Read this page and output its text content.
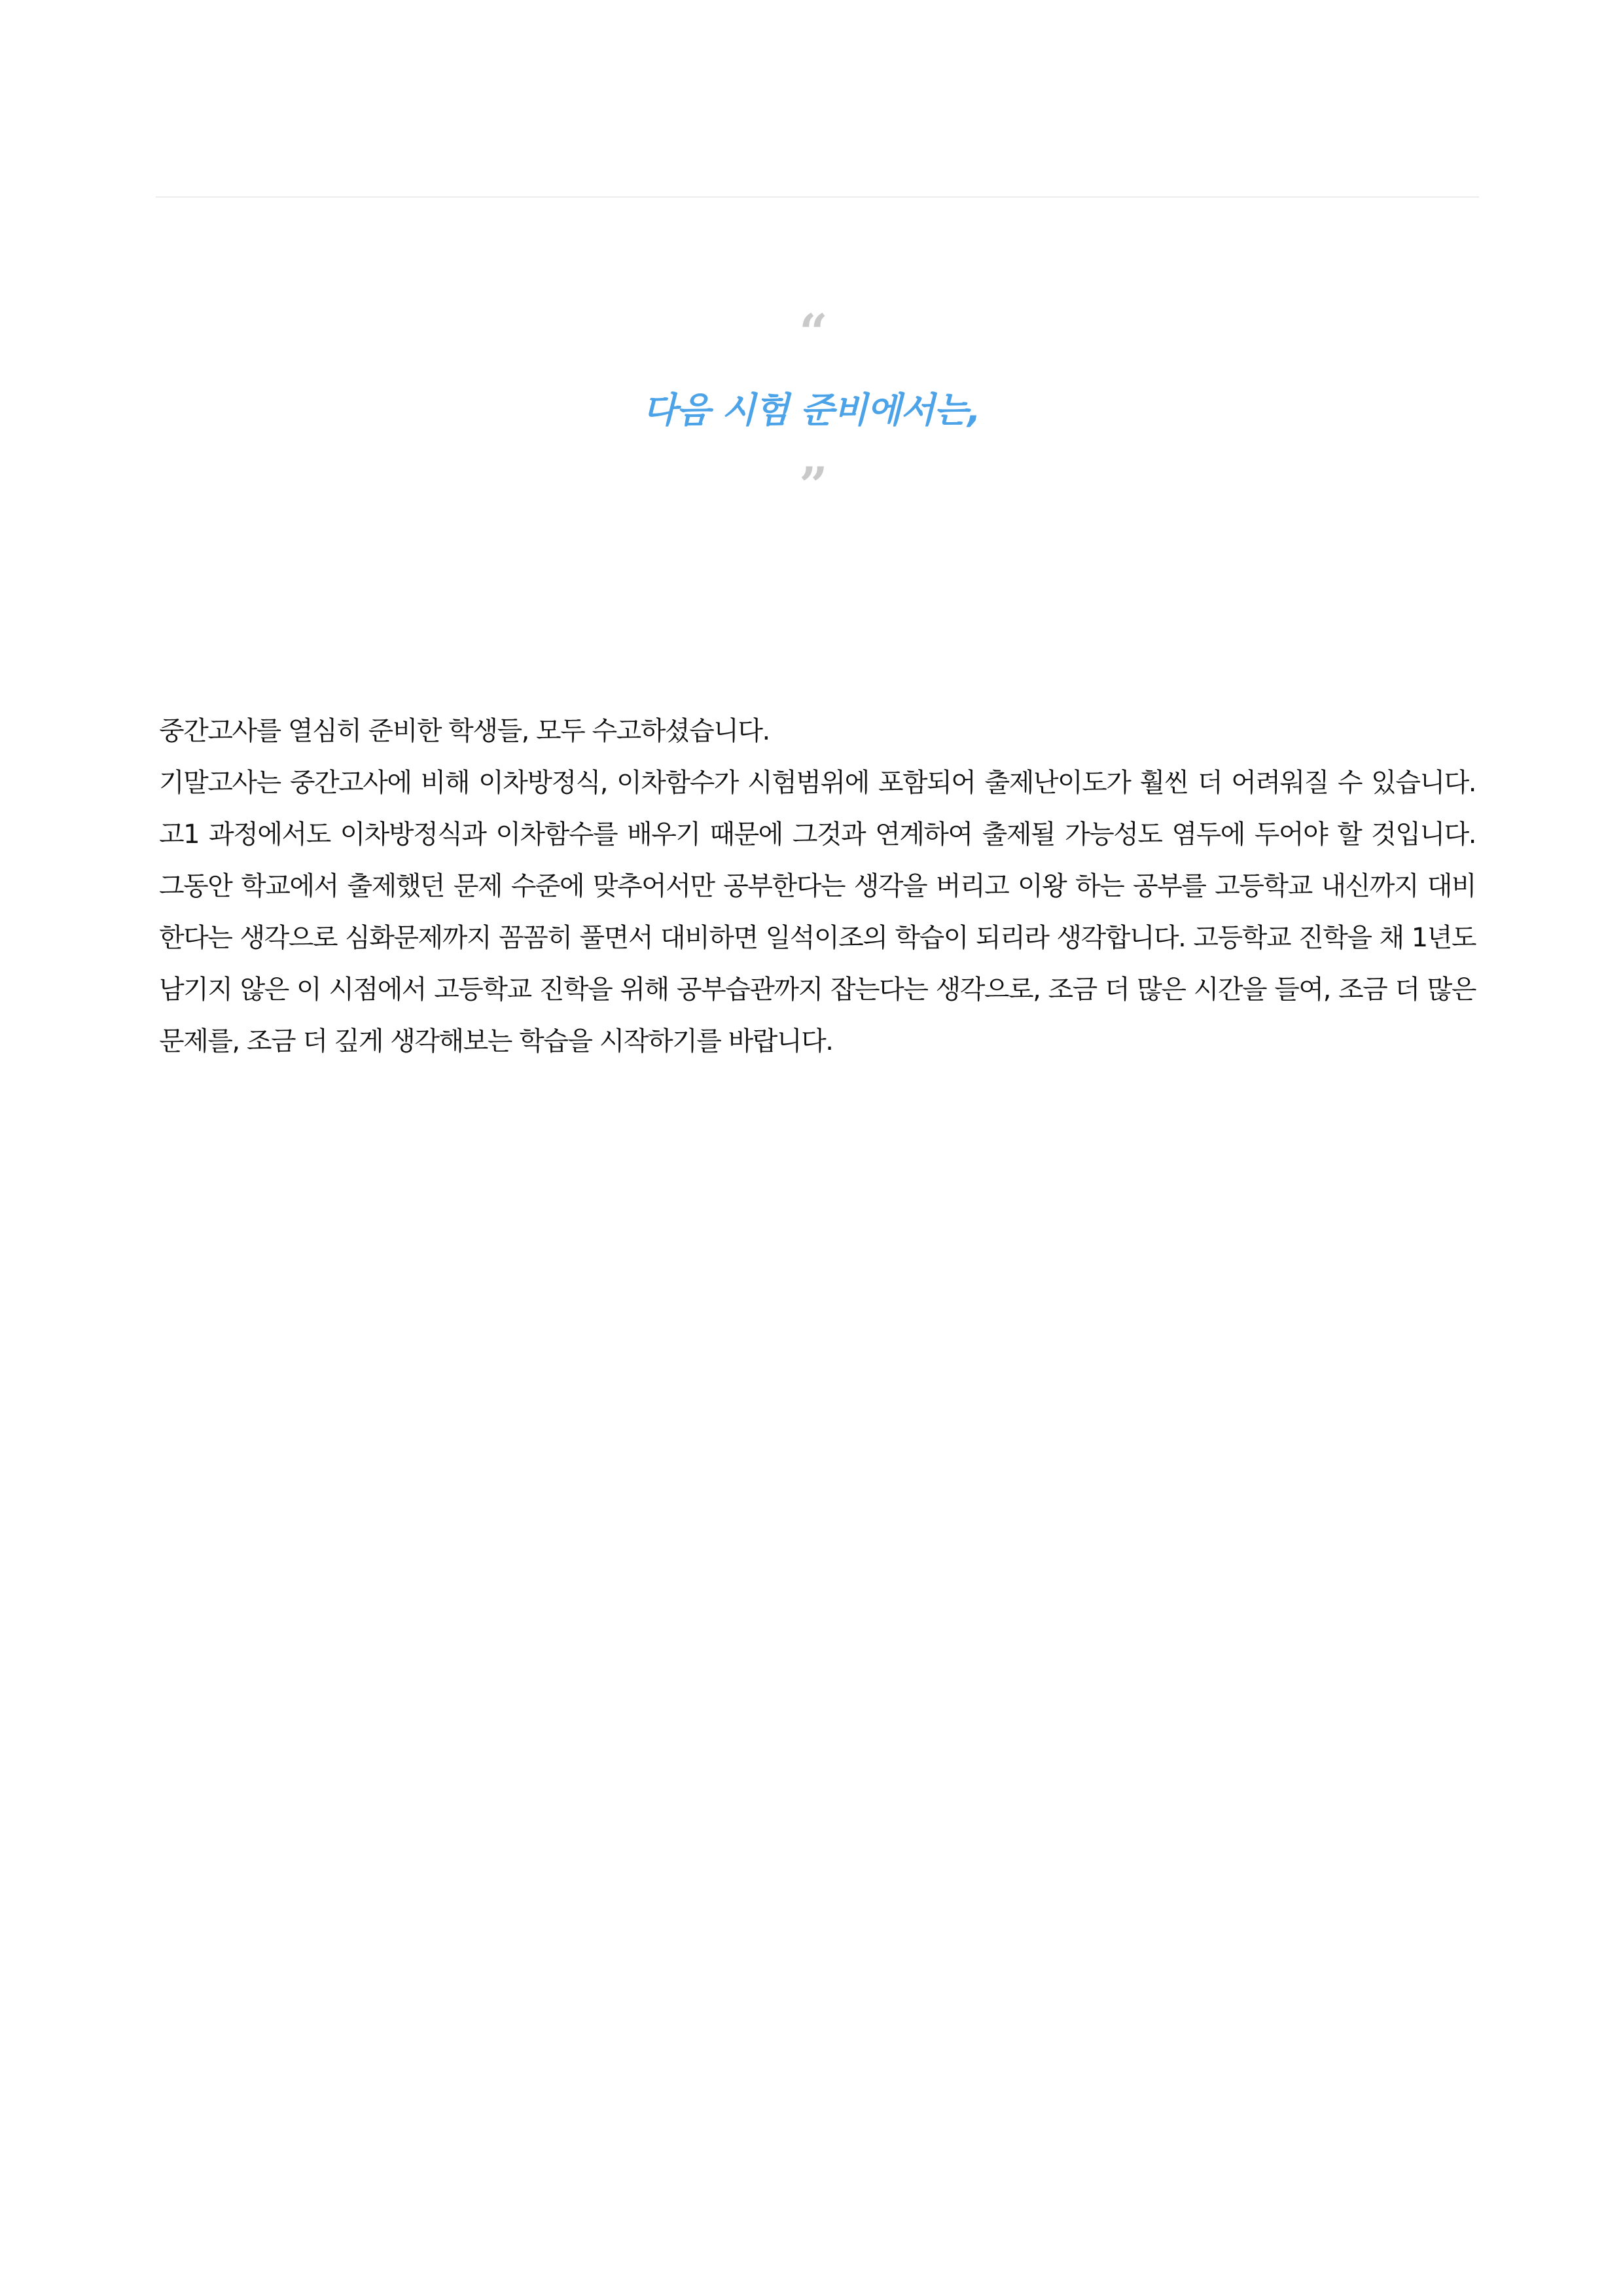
“
다음 시험 준비에서는,
”

중간고사를 열심히 준비한 학생들, 모두 수고하셨습니다.

기말고사는 중간고사에 비해 이차방정식, 이차함수가 시험범위에 포함되어 출제난이도가 훨씬 더 어려워질 수 있습니다. 고1 과정에서도 이차방정식과 이차함수를 배우기 때문에 그것과 연계하여 출제될 가능성도 염두에 두어야 할 것입니다. 그동안 학교에서 출제했던 문제 수준에 맞추어서만 공부한다는 생각을 버리고 이왕 하는 공부를 고등학교 내신까지 대비한다는 생각으로 심화문제까지 꼼꼼히 풀면서 대비하면 일석이조의 학습이 되리라 생각합니다. 고등학교 진학을 채 1년도 남기지 않은 이 시점에서 고등학교 진학을 위해 공부습관까지 잡는다는 생각으로, 조금 더 많은 시간을 들여, 조금 더 많은 문제를, 조금 더 깊게 생각해보는 학습을 시작하기를 바랍니다.
